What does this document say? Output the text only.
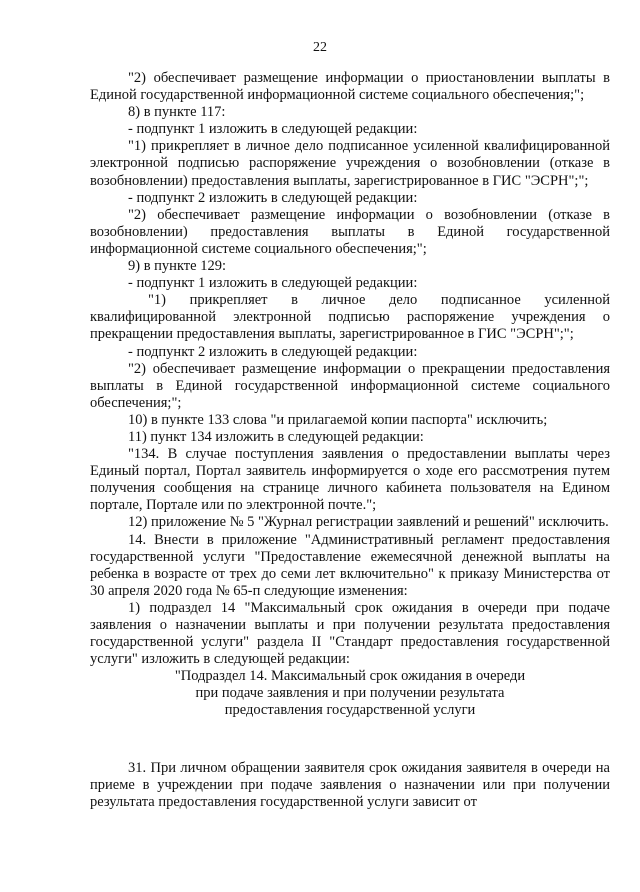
22

"2) обеспечивает размещение информации о приостановлении выплаты в Единой государственной информационной системе социального обеспечения;";

8) в пункте 117:

- подпункт 1 изложить в следующей редакции:

"1) прикрепляет в личное дело подписанное усиленной квалифицированной электронной подписью распоряжение учреждения о возобновлении (отказе в возобновлении) предоставления выплаты, зарегистрированное в ГИС "ЭСРН";";

- подпункт 2 изложить в следующей редакции:

"2) обеспечивает размещение информации о возобновлении (отказе в возобновлении) предоставления выплаты в Единой государственной информационной системе социального обеспечения;";

9) в пункте 129:

- подпункт 1 изложить в следующей редакции:

"1) прикрепляет в личное дело подписанное усиленной квалифицированной электронной подписью распоряжение учреждения о прекращении предоставления выплаты, зарегистрированное в ГИС "ЭСРН";";

- подпункт 2 изложить в следующей редакции:

"2) обеспечивает размещение информации о прекращении предоставления выплаты в Единой государственной информационной системе социального обеспечения;";

10) в пункте 133 слова "и прилагаемой копии паспорта" исключить;

11) пункт 134 изложить в следующей редакции:

"134. В случае поступления заявления о предоставлении выплаты через Единый портал, Портал заявитель информируется о ходе его рассмотрения путем получения сообщения на странице личного кабинета пользователя на Едином портале, Портале или по электронной почте.";

12) приложение № 5 "Журнал регистрации заявлений и решений" исключить.

14. Внести в приложение "Административный регламент предоставления государственной услуги "Предоставление ежемесячной денежной выплаты на ребенка в возрасте от трех до семи лет включительно" к приказу Министерства от 30 апреля 2020 года № 65-п следующие изменения:

1) подраздел 14 "Максимальный срок ожидания в очереди при подаче заявления о назначении выплаты и при получении результата предоставления государственной услуги" раздела II "Стандарт предоставления государственной услуги" изложить в следующей редакции:

"Подраздел 14. Максимальный срок ожидания в очереди

при подаче заявления и при получении результата

предоставления государственной услуги

31. При личном обращении заявителя срок ожидания заявителя в очереди на приеме в учреждении при подаче заявления о назначении или при получении результата предоставления государственной услуги зависит от
